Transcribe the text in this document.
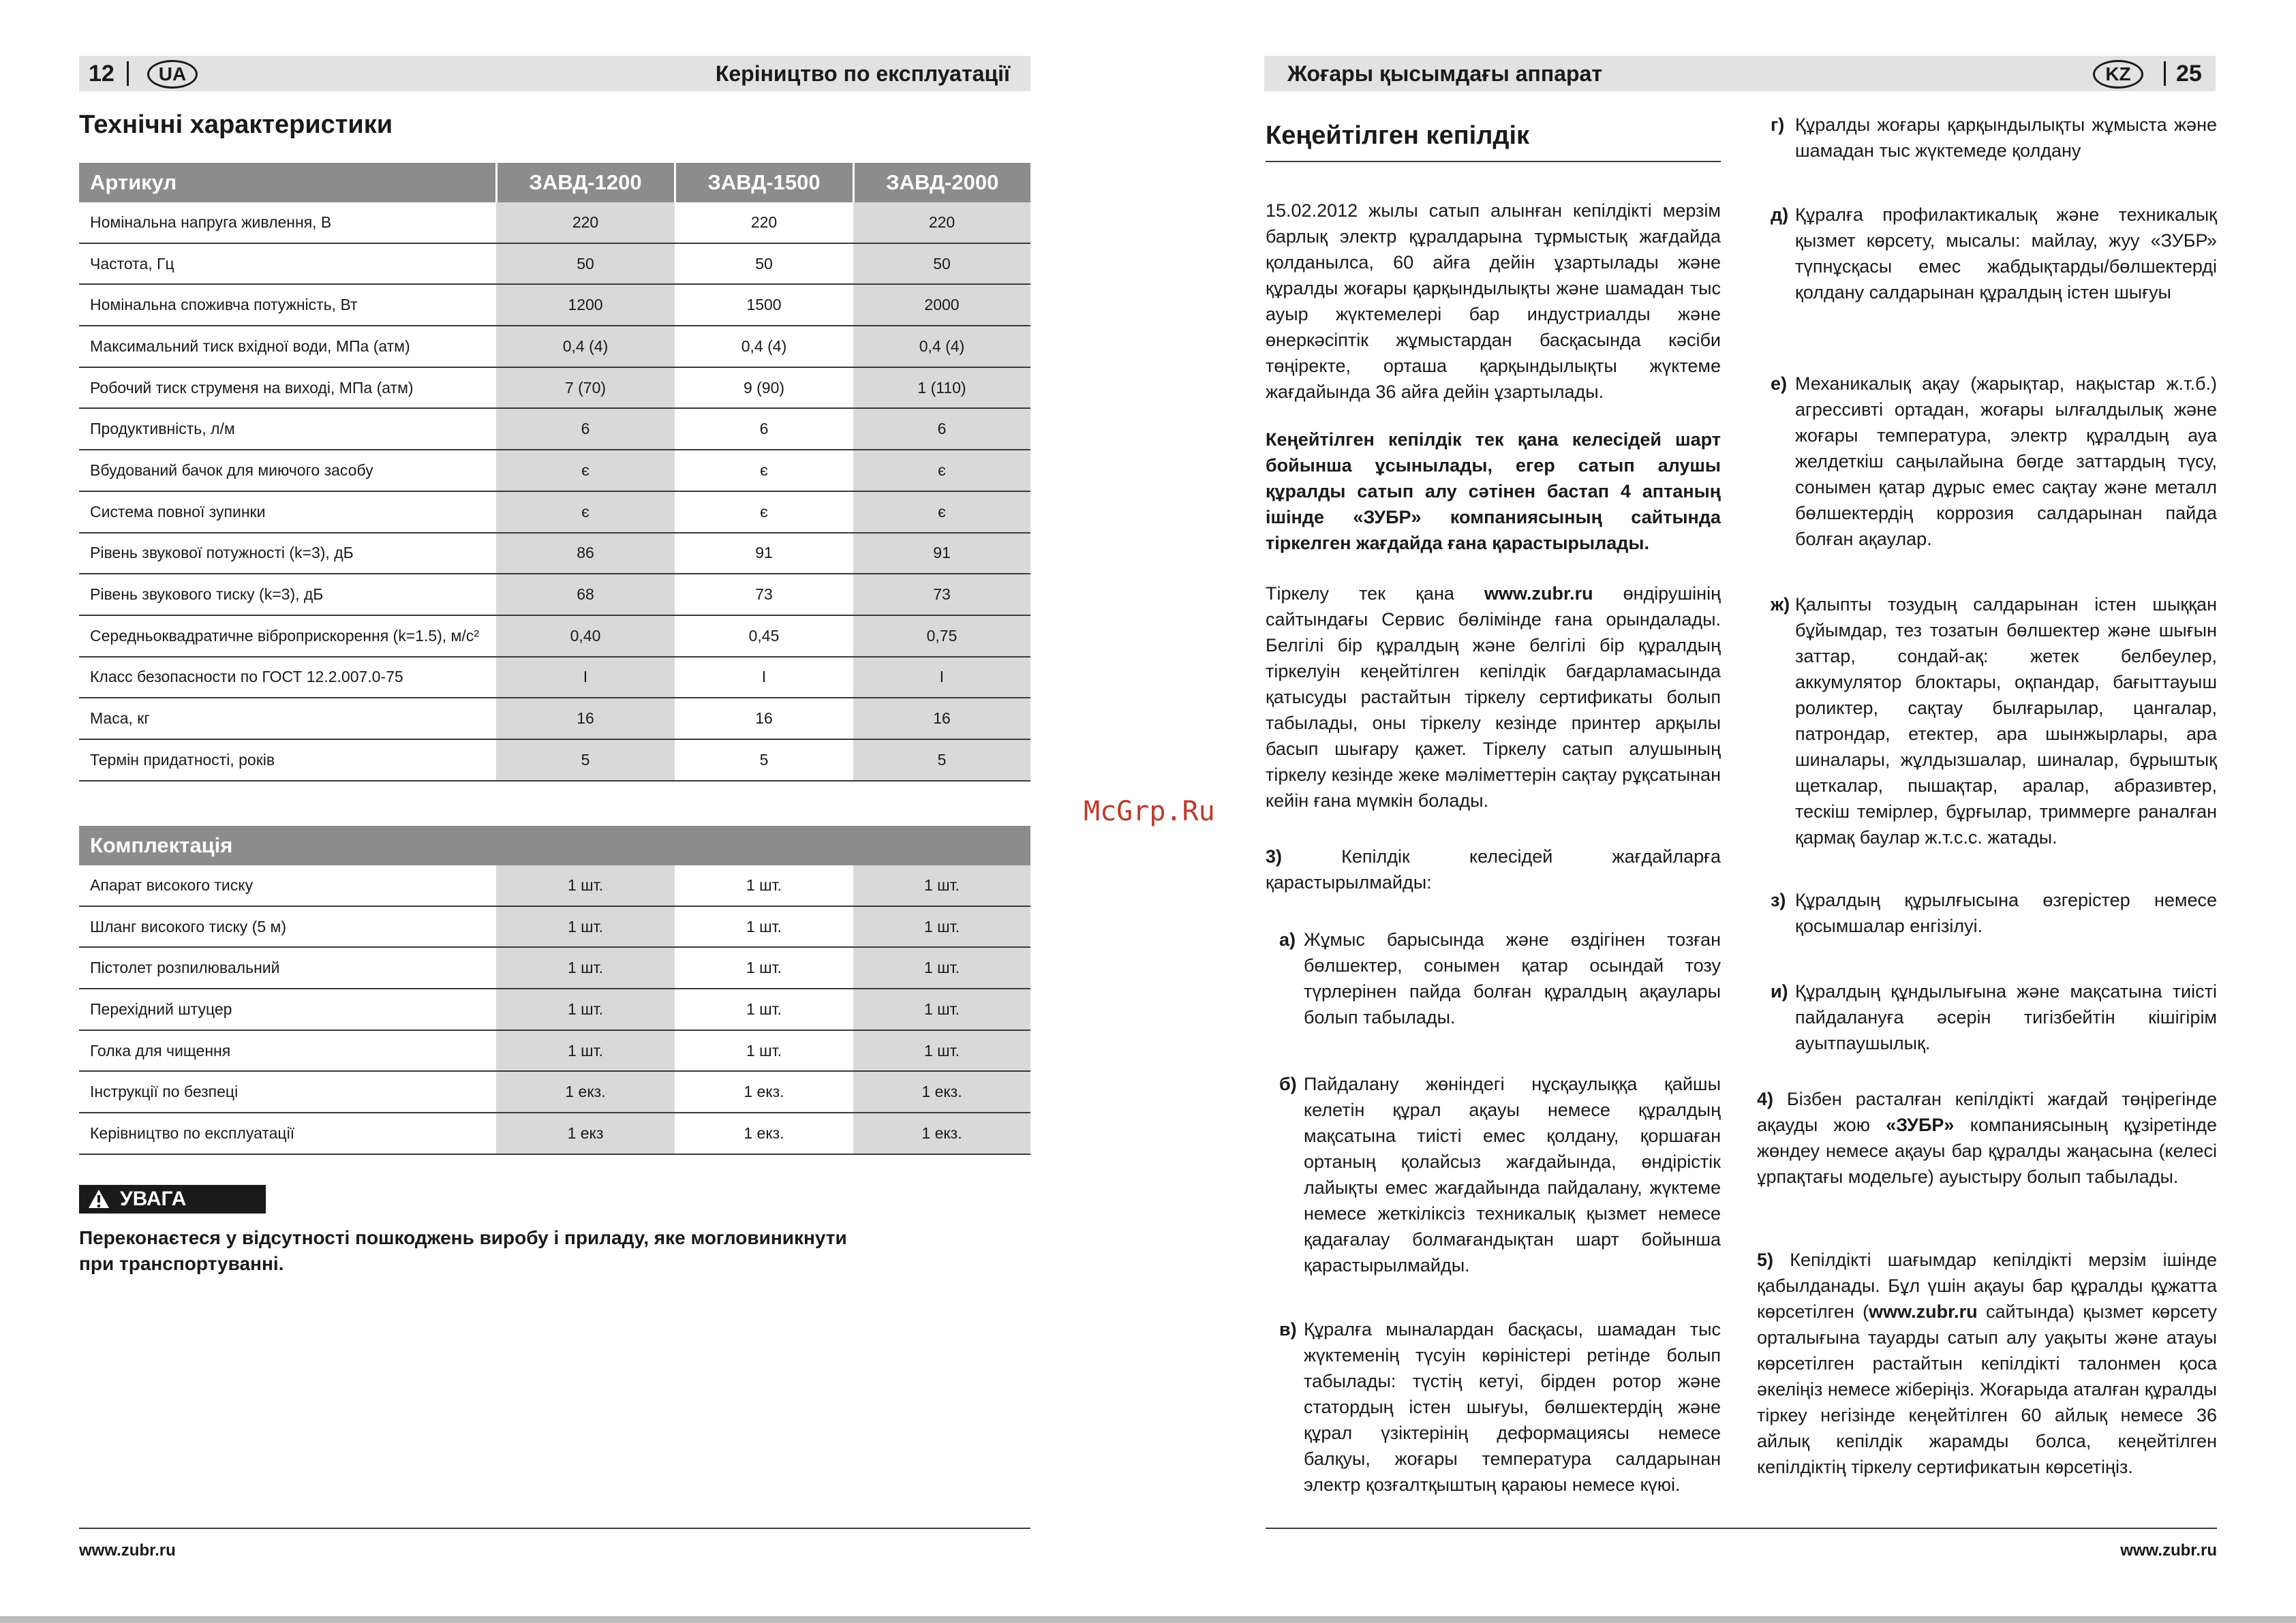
12	UA	Керіництво по експлуатації
Технічні характеристики
Артикул	ЗАВД-1200	ЗАВД-1500	ЗАВД-2000
Номінальна напруга живлення, В	220	220	220
Частота, Гц	50	50	50
Номінальна споживча потужність, Вт	1200	1500	2000
Максимальний тиск вхідної води, МПа (атм)	0,4 (4)	0,4 (4)	0,4 (4)
Робочий тиск струменя на виході, МПа (атм)	7 (70)	9 (90)	1 (110)
Продуктивність, л/м	6	6	6
Вбудований бачок для миючого засобу	є	є	є
Система повної зупинки	є	є	є
Рівень звукової потужності (k=3), дБ	86	91	91
Рівень звукового тиску (k=3), дБ	68	73	73
Середньоквадратичне віброприскорення (k=1.5), м/с²	0,40	0,45	0,75
Класс безопасности по ГОСТ 12.2.007.0-75	I	I	I
Маса, кг	16	16	16
Термін придатності, років	5	5	5
Комплектація			
Апарат високого тиску	1 шт.	1 шт.	1 шт.
Шланг високого тиску (5 м)	1 шт.	1 шт.	1 шт.
Пістолет розпилювальний	1 шт.	1 шт.	1 шт.
Перехідний штуцер	1 шт.	1 шт.	1 шт.
Голка для чищення	1 шт.	1 шт.	1 шт.
Інструкції по безпеці	1 екз.	1 екз.	1 екз.
Керівництво по експлуатації	1 екз	1 екз.	1 екз.
УВАГА
Переконаєтеся у відсутності пошкоджень виробу і приладу, яке могловиникнути
при транспортуванні.
www.zubr.ru
McGrp.Ru
Жоғары қысымдағы аппарат	KZ	25
Кеңейтілген кепілдік
15.02.2012 жылы сатып алынған кепілдікті мерзім барлық электр құралдарына тұрмыстық жағдайда қолданылса, 60 айға дейін ұзартылады және құралды жоғары қарқындылықты және шамадан тыс ауыр жүктемелері бар индустриалды және өнеркәсіптік жұмыстардан басқасында кәсіби төңіректе, орташа қарқындылықты жүктеме жағдайында 36 айға дейін ұзартылады.
Кеңейтілген кепілдік тек қана келесідей шарт бойынша ұсынылады, егер сатып алушы құралды сатып алу сәтінен бастап 4 аптаның ішінде «ЗУБР» компаниясының сайтында тіркелген жағдайда ғана қарастырылады.
Тіркелу тек қана www.zubr.ru өндірушінің сайтындағы Сервис бөлімінде ғана орындалады. Белгілі бір құралдың және белгілі бір құралдың тіркелуін кеңейтілген кепілдік бағдарламасында қатысуды растайтын тіркелу сертификаты болып табылады, оны тіркелу кезінде принтер арқылы басып шығару қажет. Тіркелу сатып алушының тіркелу кезінде жеке мәліметтерін сақтау рұқсатынан кейін ғана мүмкін болады.
3) Кепілдік келесідей жағдайларға қарастырылмайды:
а) Жұмыс барысында және өздігінен тозған бөлшектер, сонымен қатар осындай тозу түрлерінен пайда болған құралдың ақаулары болып табылады.
б) Пайдалану жөніндегі нұсқаулыққа қайшы келетін құрал ақауы немесе құралдың мақсатына тиісті емес қолдану, қоршаған ортаның қолайсыз жағдайында, өндірістік лайықты емес жағдайында пайдалану, жүктеме немесе жеткіліксіз техникалық қызмет немесе қадағалау болмағандықтан шарт бойынша қарастырылмайды.
в) Құралға мыналардан басқасы, шамадан тыс жүктеменің түсуін көріністері ретінде болып табылады: түстің кетуі, бірден ротор және статордың істен шығуы, бөлшектердің және құрал үзіктерінің деформациясы немесе балқуы, жоғары температура салдарынан электр қозғалтқыштың қараюы немесе күюі.
г) Құралды жоғары қарқындылықты жұмыста және шамадан тыс жүктемеде қолдану
д) Құралға профилактикалық және техникалық қызмет көрсету, мысалы: майлау, жуу «ЗУБР» түпнұсқасы емес жабдықтарды/бөлшектерді қолдану салдарынан құралдың істен шығуы
е) Механикалық ақау (жарықтар, нақыстар ж.т.б.) агрессивті ортадан, жоғары ылғалдылық және жоғары температура, электр құралдың ауа желдеткіш саңылайына бөгде заттардың түсу, сонымен қатар дұрыс емес сақтау және металл бөлшектердің коррозия салдарынан пайда болған ақаулар.
ж) Қалыпты тозудың салдарынан істен шыққан бұйымдар, тез тозатын бөлшектер және шығын заттар, сондай-ақ: жетек белбеулер, аккумулятор блоктары, оқпандар, бағыттауыш роликтер, сақтау былғарылар, цангалар, патрондар, етектер, ара шынжырлары, ара шиналары, жұлдызшалар, шиналар, бұрыштық щеткалар, пышақтар, аралар, абразивтер, тескіш темірлер, бұрғылар, триммерге раналған қармақ баулар ж.т.с.с. жатады.
з) Құралдың құрылғысына өзгерістер немесе қосымшалар енгізілуі.
и) Құралдың құндылығына және мақсатына тиісті пайдалануға әсерін тигізбейтін кішігірім ауытпаушылық.
4) Бізбен расталған кепілдікті жағдай төңірегінде ақауды жою «ЗУБР» компаниясының құзіретінде жөндеу немесе ақауы бар құралды жаңасына (келесі ұрпақтағы модельге) ауыстыру болып табылады.
5) Кепілдікті шағымдар кепілдікті мерзім ішінде қабылданады. Бұл үшін ақауы бар құралды құжатта көрсетілген (www.zubr.ru сайтында) қызмет көрсету орталығына тауарды сатып алу уақыты және атауы көрсетілген растайтын кепілдікті талонмен қоса әкеліңіз немесе жіберіңіз. Жоғарыда аталған құралды тіркеу негізінде кеңейтілген 60 айлық немесе 36 айлық кепілдік жарамды болса, кеңейтілген кепілдіктің тіркелу сертификатын көрсетіңіз.
www.zubr.ru
